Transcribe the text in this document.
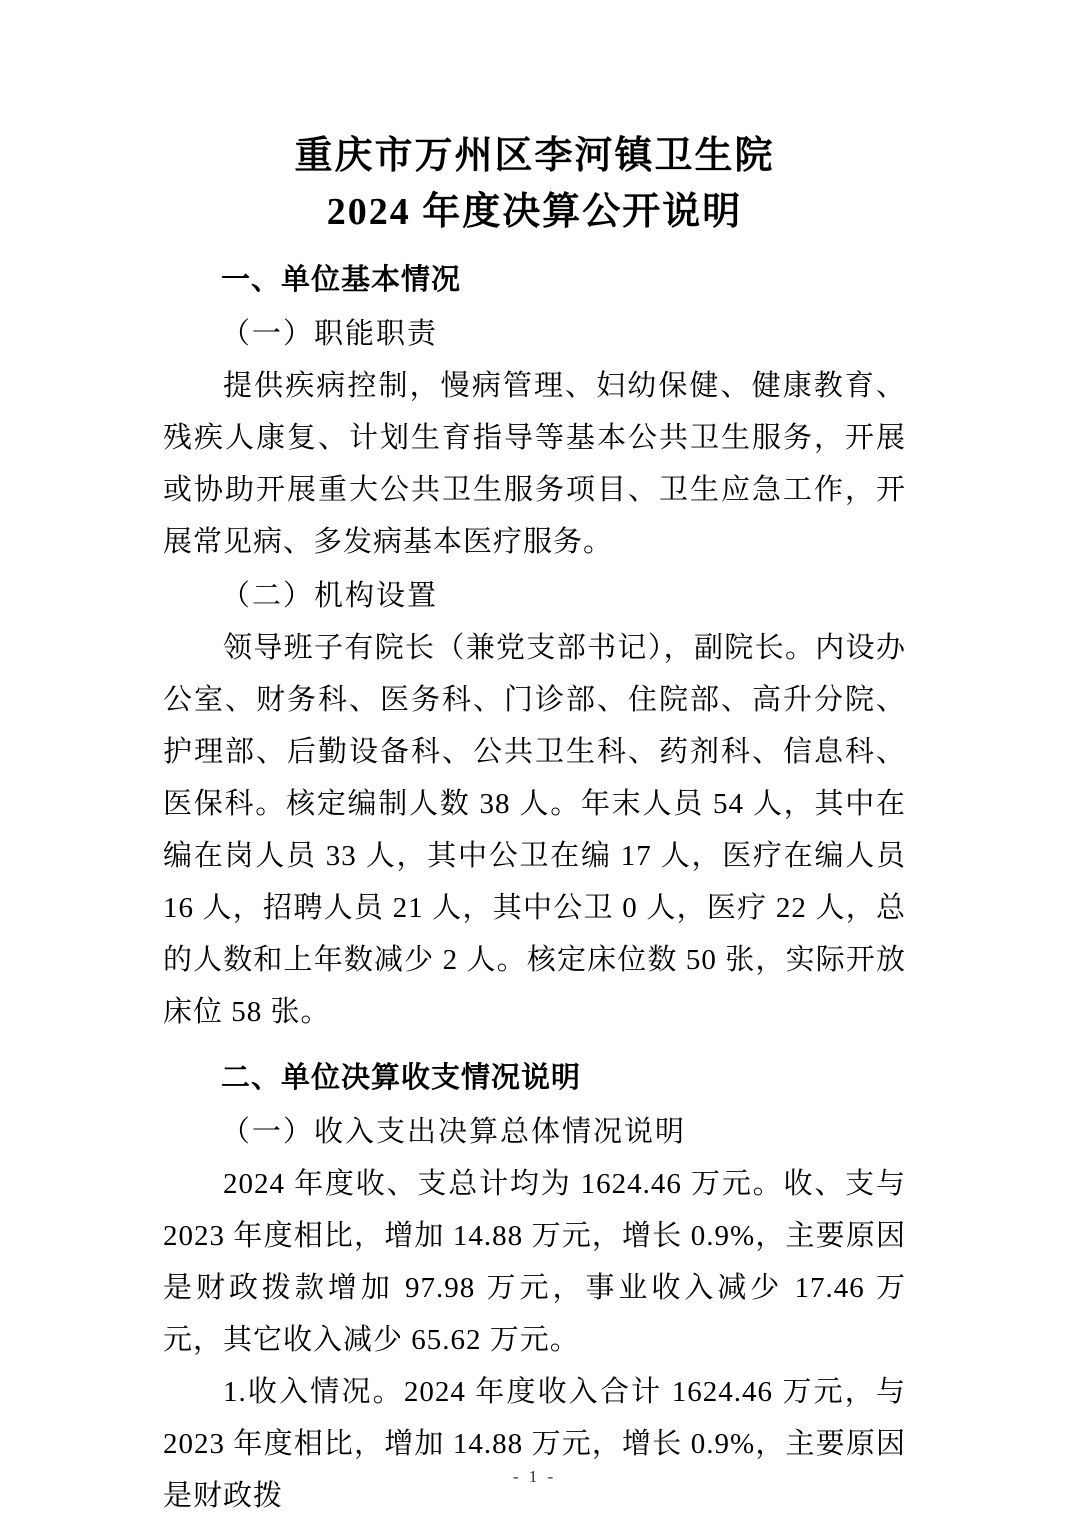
重庆市万州区李河镇卫生院
2024 年度决算公开说明
一、单位基本情况
（一）职能职责

提供疾病控制，慢病管理、妇幼保健、健康教育、残疾人康复、计划生育指导等基本公共卫生服务，开展或协助开展重大公共卫生服务项目、卫生应急工作，开展常见病、多发病基本医疗服务。

（二）机构设置

领导班子有院长（兼党支部书记），副院长。内设办公室、财务科、医务科、门诊部、住院部、高升分院、护理部、后勤设备科、公共卫生科、药剂科、信息科、医保科。核定编制人数 38 人。年末人员 54 人，其中在编在岗人员 33 人，其中公卫在编 17 人，医疗在编人员 16 人，招聘人员 21 人，其中公卫 0 人，医疗 22 人，总的人数和上年数减少 2 人。核定床位数 50 张，实际开放床位 58 张。

二、单位决算收支情况说明
（一）收入支出决算总体情况说明

2024 年度收、支总计均为 1624.46 万元。收、支与 2023 年度相比，增加 14.88 万元，增长 0.9%，主要原因是财政拨款增加 97.98 万元，事业收入减少 17.46 万元，其它收入减少 65.62 万元。

1.收入情况。2024 年度收入合计 1624.46 万元，与 2023 年度相比，增加 14.88 万元，增长 0.9%，主要原因是财政拨

- 1 -
